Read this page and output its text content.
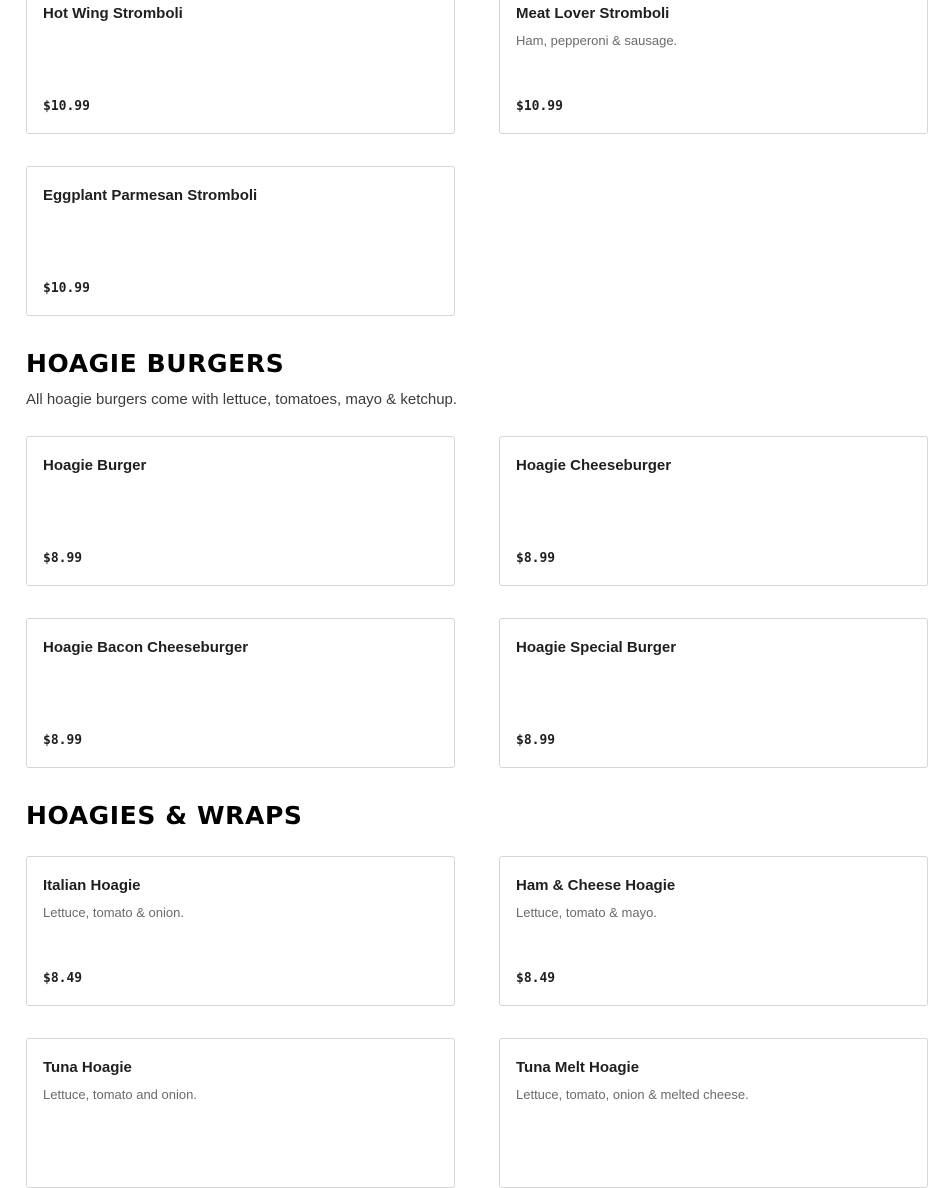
Hot Wing Stromboli
$10.99
Meat Lover Stromboli
Ham, pepperoni & sausage.
$10.99
Eggplant Parmesan Stromboli
$10.99
HOAGIE BURGERS
All hoagie burgers come with lettuce, tomatoes, mayo & ketchup.
Hoagie Burger
$8.99
Hoagie Cheeseburger
$8.99
Hoagie Bacon Cheeseburger
$8.99
Hoagie Special Burger
$8.99
HOAGIES & WRAPS
Italian Hoagie
Lettuce, tomato & onion.
$8.49
Ham & Cheese Hoagie
Lettuce, tomato & mayo.
$8.49
Tuna Hoagie
Lettuce, tomato and onion.
Tuna Melt Hoagie
Lettuce, tomato, onion & melted cheese.
